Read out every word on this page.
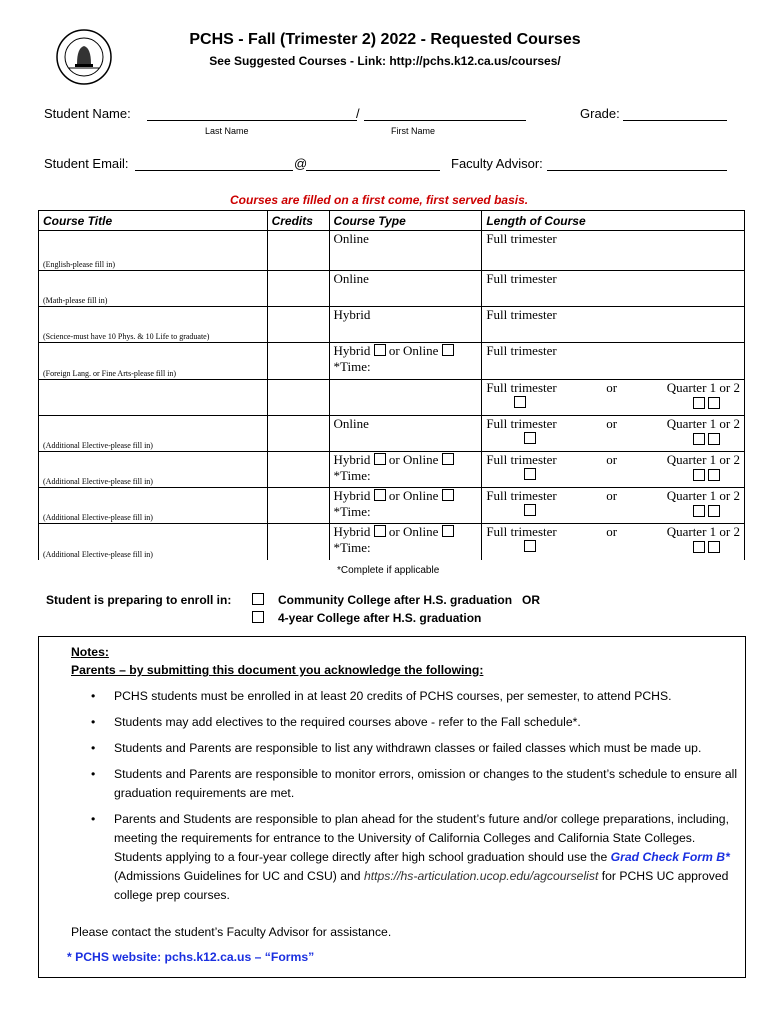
PCHS - Fall (Trimester 2) 2022 - Requested Courses
See Suggested Courses - Link: http://pchs.k12.ca.us/courses/
Student Name:	/
Last Name	First Name
Grade:
Student Email:	@	Faculty Advisor:
Courses are filled on a first come, first served basis.
Course Title	Credits	Course Type	Length of Course

(English-please fill in)		Online	Full trimester

(Math-please fill in)		Online	Full trimester

(Science-must have 10 Phys. & 10 Life to graduate)		Hybrid	Full trimester

(Foreign Lang. or Fine Arts-please fill in)		Hybrid or Online
*Time:	Full trimester

			Full trimester or Quarter 1 or 2

(Additional Elective-please fill in)		Online	Full trimester or Quarter 1 or 2

(Additional Elective-please fill in)		Hybrid or Online
*Time:	Full trimester or Quarter 1 or 2

(Additional Elective-please fill in)		Hybrid or Online
*Time:	Full trimester or Quarter 1 or 2

(Additional Elective-please fill in)		Hybrid or Online
*Time:	Full trimester or Quarter 1 or 2

*Complete if applicable
Student is preparing to enroll in:	Community College after H.S. graduation OR
4-year College after H.S. graduation
Notes:
Parents – by submitting this document you acknowledge the following:
• PCHS students must be enrolled in at least 20 credits of PCHS courses, per semester, to attend PCHS.
• Students may add electives to the required courses above - refer to the Fall schedule*.
• Students and Parents are responsible to list any withdrawn classes or failed classes which must be made up.
• Students and Parents are responsible to monitor errors, omission or changes to the student’s schedule to ensure all graduation requirements are met.
• Parents and Students are responsible to plan ahead for the student’s future and/or college preparations, including, meeting the requirements for entrance to the University of California Colleges and California State Colleges. Students applying to a four-year college directly after high school graduation should use the Grad Check Form B* (Admissions Guidelines for UC and CSU) and https://hs-articulation.ucop.edu/agcourselist for PCHS UC approved college prep courses.
Please contact the student’s Faculty Advisor for assistance.
* PCHS website: pchs.k12.ca.us – “Forms”
